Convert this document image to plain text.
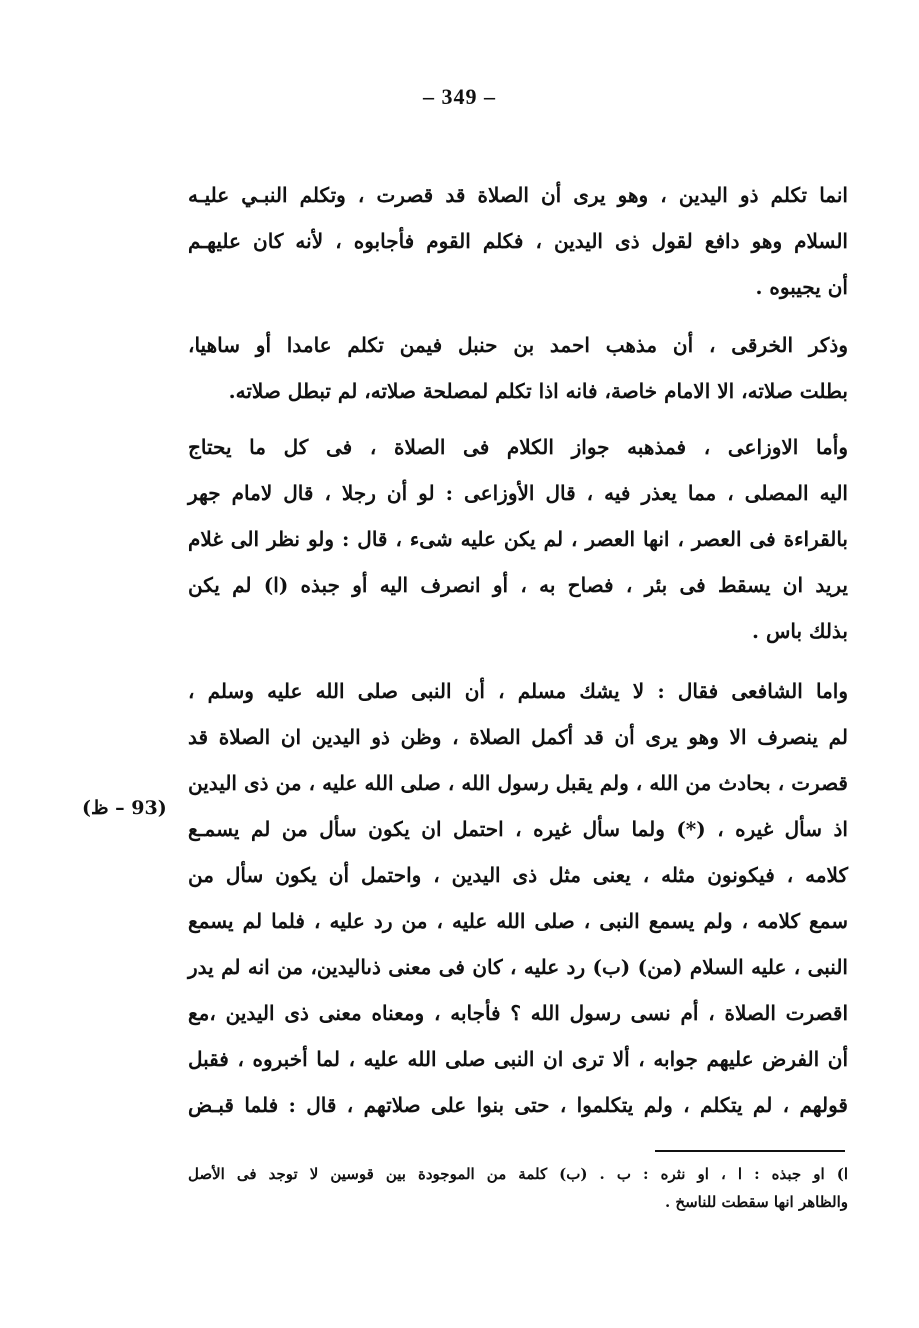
– 349 –
(93 – ظ)
انما تكلم ذو اليدين ، وهو يرى أن الصلاة قد قصرت ، وتكلم النبـي عليـه
السلام وهو دافع لقول ذى اليدين ، فكلم القوم فأجابوه ، لأنه كان عليهـم
أن يجيبوه .
وذكر الخرقى ، أن مذهب احمد بن حنبل فيمن تكلم عامدا أو ساهيا،
بطلت صلاته، الا الامام خاصة، فانه اذا تكلم لمصلحة صلاته، لم تبطل صلاته.
وأما الاوزاعى ، فمذهبه جواز الكلام فى الصلاة ، فى كل ما يحتاج
اليه المصلى ، مما يعذر فيه ، قال الأوزاعى : لو أن رجلا ، قال لامام جهر
بالقراءة فى العصر ، انها العصر ، لم يكن عليه شىء ، قال : ولو نظر الى غلام
يريد ان يسقط فى بئر ، فصاح به ، أو انصرف اليه أو جبذه (ا) لم يكن
بذلك باس .
واما الشافعى فقال : لا يشك مسلم ، أن النبى صلى الله عليه وسلم ،
لم ينصرف الا وهو يرى أن قد أكمل الصلاة ، وظن ذو اليدين ان الصلاة قد
قصرت ، بحادث من الله ، ولم يقبل رسول الله ، صلى الله عليه ، من ذى اليدين
اذ سأل غيره ، (*) ولما سأل غيره ، احتمل ان يكون سأل من لم يسمـع
كلامه ، فيكونون مثله ، يعنى مثل ذى اليدين ، واحتمل أن يكون سأل من
سمع كلامه ، ولم يسمع النبى ، صلى الله عليه ، من رد عليه ، فلما لم يسمع
النبى ، عليه السلام (من) (ب) رد عليه ، كان فى معنى ذىاليدين، من انه لم يدر
اقصرت الصلاة ، أم نسى رسول الله ؟ فأجابه ، ومعناه معنى ذى اليدين ،مع
أن الفرض عليهم جوابه ، ألا ترى ان النبى صلى الله عليه ، لما أخبروه ، فقبل
قولهم ، لم يتكلم ، ولم يتكلموا ، حتى بنوا على صلاتهم ، قال : فلما قبـض
ا) او جبذه : ا ، او نثره : ب . (ب) كلمة من الموجودة بين قوسين لا توجد فى الأصل
والظاهر انها سقطت للناسخ .
